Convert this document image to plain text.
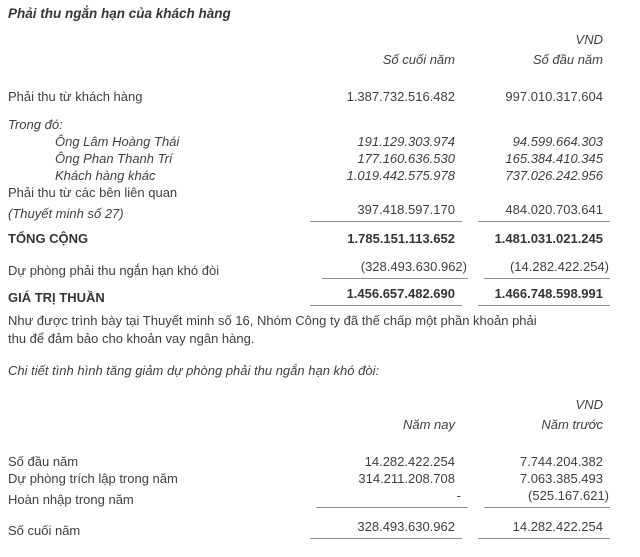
Phải thu ngắn hạn của khách hàng
VND
Số cuối năm	Số đầu năm
Phải thu từ khách hàng	1.387.732.516.482	997.010.317.604
Trong đó:
Ông Lâm Hoàng Thái	191.129.303.974	94.599.664.303
Ông Phan Thanh Trí	177.160.636.530	165.384.410.345
Khách hàng khác	1.019.442.575.978	737.026.242.956
Phải thu từ các bên liên quan
(Thuyết minh số 27)	397.418.597.170	484.020.703.641
TỔNG CỘNG	1.785.151.113.652	1.481.031.021.245
Dự phòng phải thu ngắn hạn khó đòi	(328.493.630.962)	(14.282.422.254)
GIÁ TRỊ THUẦN	1.456.657.482.690	1.466.748.598.991
Như được trình bày tại Thuyết minh số 16, Nhóm Công ty đã thế chấp một phần khoản phải
thu để đảm bảo cho khoản vay ngân hàng.
Chi tiết tình hình tăng giảm dự phòng phải thu ngắn hạn khó đòi:
VND
Năm nay	Năm trước
Số đầu năm	14.282.422.254	7.744.204.382
Dự phòng trích lập trong năm	314.211.208.708	7.063.385.493
Hoàn nhập trong năm	-	(525.167.621)
Số cuối năm	328.493.630.962	14.282.422.254
